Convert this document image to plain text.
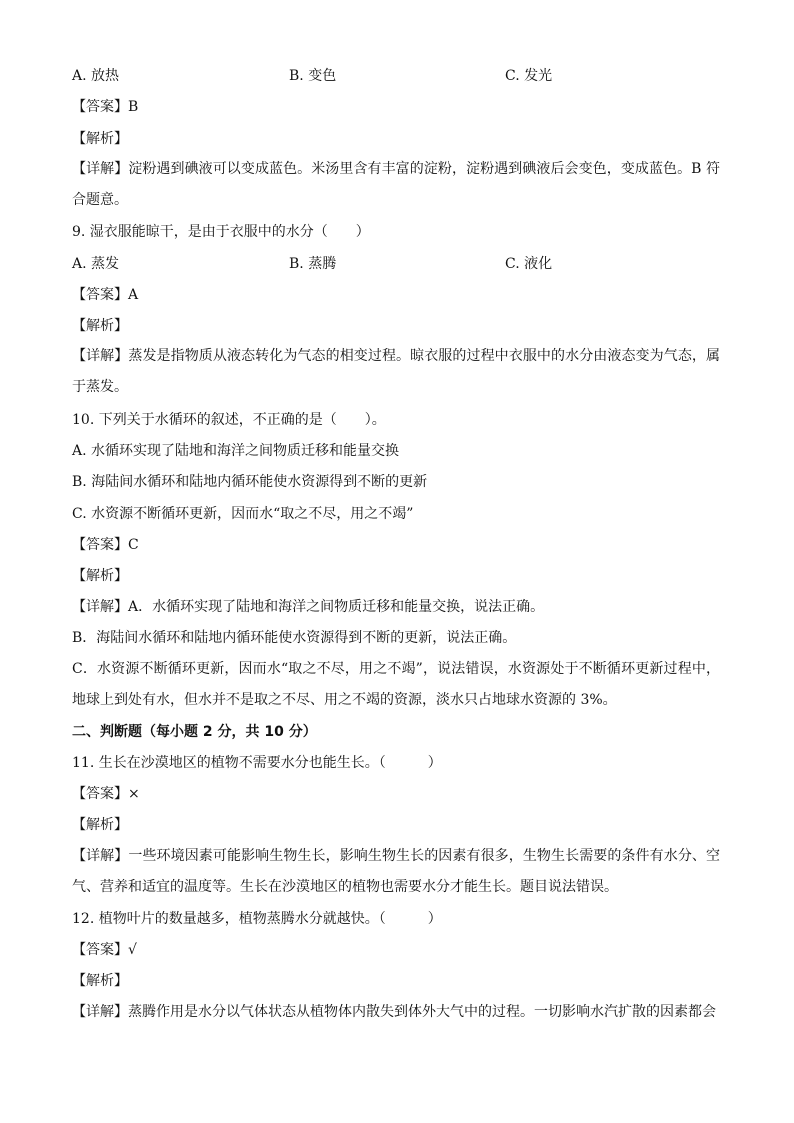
A. 放热	B. 变色	C. 发光
【答案】B
【解析】
【详解】淀粉遇到碘液可以变成蓝色。米汤里含有丰富的淀粉，淀粉遇到碘液后会变色，变成蓝色。B 符合题意。
9. 湿衣服能晾干，是由于衣服中的水分（　　）
A. 蒸发	B. 蒸腾	C. 液化
【答案】A
【解析】
【详解】蒸发是指物质从液态转化为气态的相变过程。晾衣服的过程中衣服中的水分由液态变为气态，属于蒸发。
10. 下列关于水循环的叙述，不正确的是（　　）。
A. 水循环实现了陆地和海洋之间物质迁移和能量交换
B. 海陆间水循环和陆地内循环能使水资源得到不断的更新
C. 水资源不断循环更新，因而水“取之不尽，用之不竭”
【答案】C
【解析】
【详解】A．水循环实现了陆地和海洋之间物质迁移和能量交换，说法正确。
B．海陆间水循环和陆地内循环能使水资源得到不断的更新，说法正确。
C．水资源不断循环更新，因而水“取之不尽，用之不竭”，说法错误，水资源处于不断循环更新过程中，地球上到处有水，但水并不是取之不尽、用之不竭的资源，淡水只占地球水资源的 3%。
二、判断题（每小题 2 分，共 10 分）
11. 生长在沙漠地区的植物不需要水分也能生长。（　　　）
【答案】×
【解析】
【详解】一些环境因素可能影响生物生长，影响生物生长的因素有很多，生物生长需要的条件有水分、空气、营养和适宜的温度等。生长在沙漠地区的植物也需要水分才能生长。题目说法错误。
12. 植物叶片的数量越多，植物蒸腾水分就越快。（　　　）
【答案】√
【解析】
【详解】蒸腾作用是水分以气体状态从植物体内散失到体外大气中的过程。一切影响水汽扩散的因素都会
